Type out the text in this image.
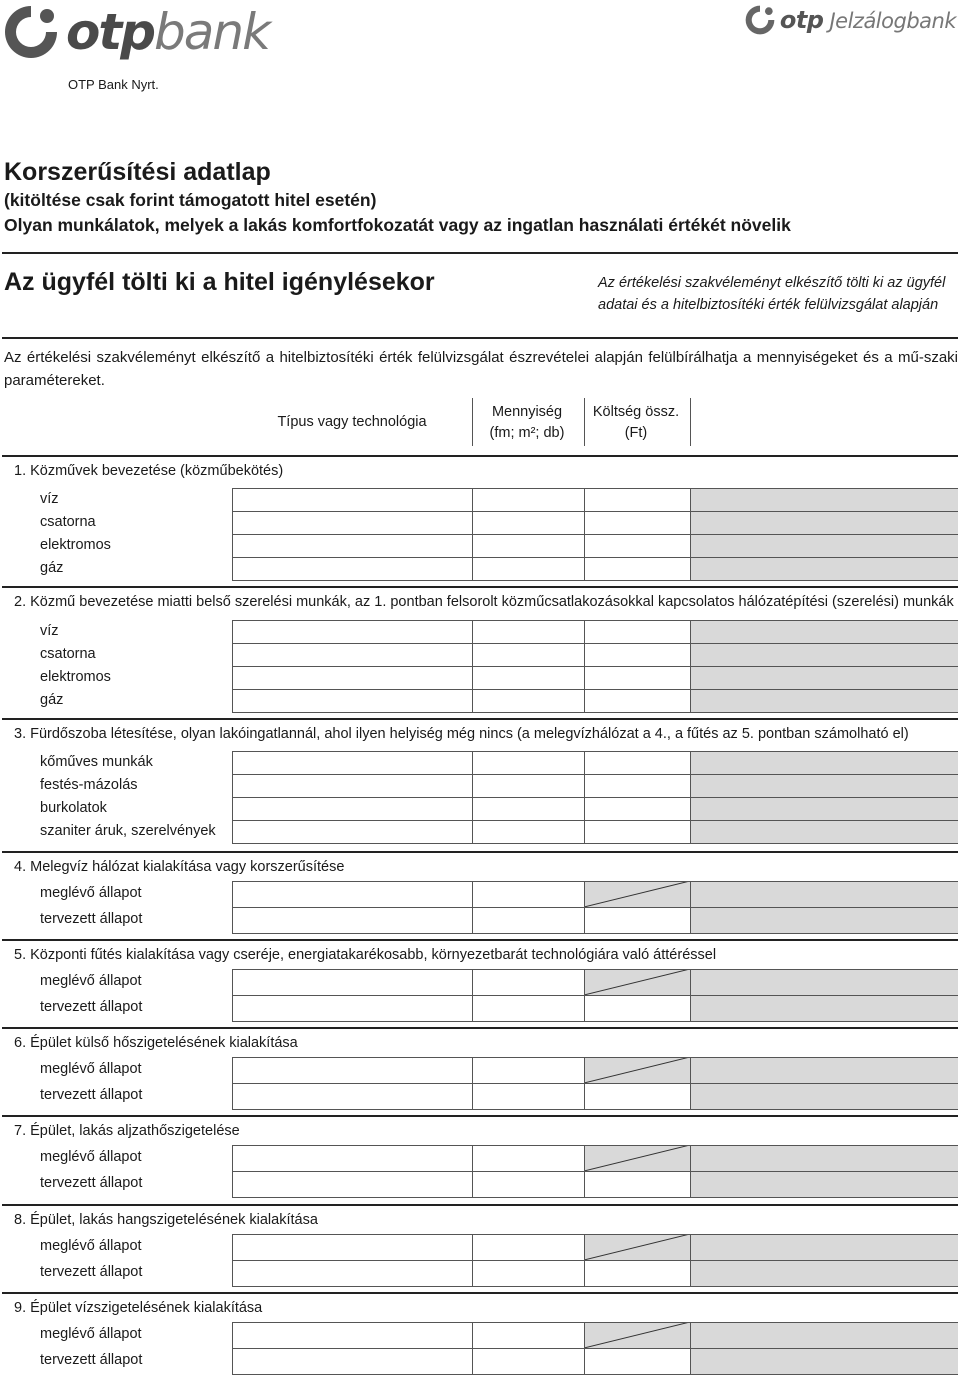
otpbank	otp Jelzálogbank
OTP Bank Nyrt.
Korszerűsítési adatlap
(kitöltése csak forint támogatott hitel esetén)
Olyan munkálatok, melyek a lakás komfortfokozatát vagy az ingatlan használati értékét növelik
Az ügyfél tölti ki a hitel igénylésekor	Az értékelési szakvéleményt elkészítő tölti ki az ügyfél adatai és a hitelbiztosítéki érték felülvizsgálat alapján
Az értékelési szakvéleményt elkészítő a hitelbiztosítéki érték felülvizsgálat észrevételei alapján felülbírálhatja a mennyiségeket és a mű-szaki paramétereket.
Típus vagy technológia
Mennyiség
(fm; m²; db)
Költség össz.
(Ft)
1. Közművek bevezetése (közműbekötés)
víz
csatorna
elektromos
gáz
2. Közmű bevezetése miatti belső szerelési munkák, az 1. pontban felsorolt közműcsatlakozásokkal kapcsolatos hálózatépítési (szerelési) munkák
víz
csatorna
elektromos
gáz
3. Fürdőszoba létesítése, olyan lakóingatlannál, ahol ilyen helyiség még nincs (a melegvízhálózat a 4., a fűtés az 5. pontban számolható el)
kőműves munkák
festés-mázolás
burkolatok
szaniter áruk, szerelvények
4. Melegvíz hálózat kialakítása vagy korszerűsítése
meglévő állapot
tervezett állapot
5. Központi fűtés kialakítása vagy cseréje, energiatakarékosabb, környezetbarát technológiára való áttéréssel
meglévő állapot
tervezett állapot
6. Épület külső hőszigetelésének kialakítása
meglévő állapot
tervezett állapot
7. Épület, lakás aljzathőszigetelése
meglévő állapot
tervezett állapot
8. Épület, lakás hangszigetelésének kialakítása
meglévő állapot
tervezett állapot
9. Épület vízszigetelésének kialakítása
meglévő állapot
tervezett állapot
